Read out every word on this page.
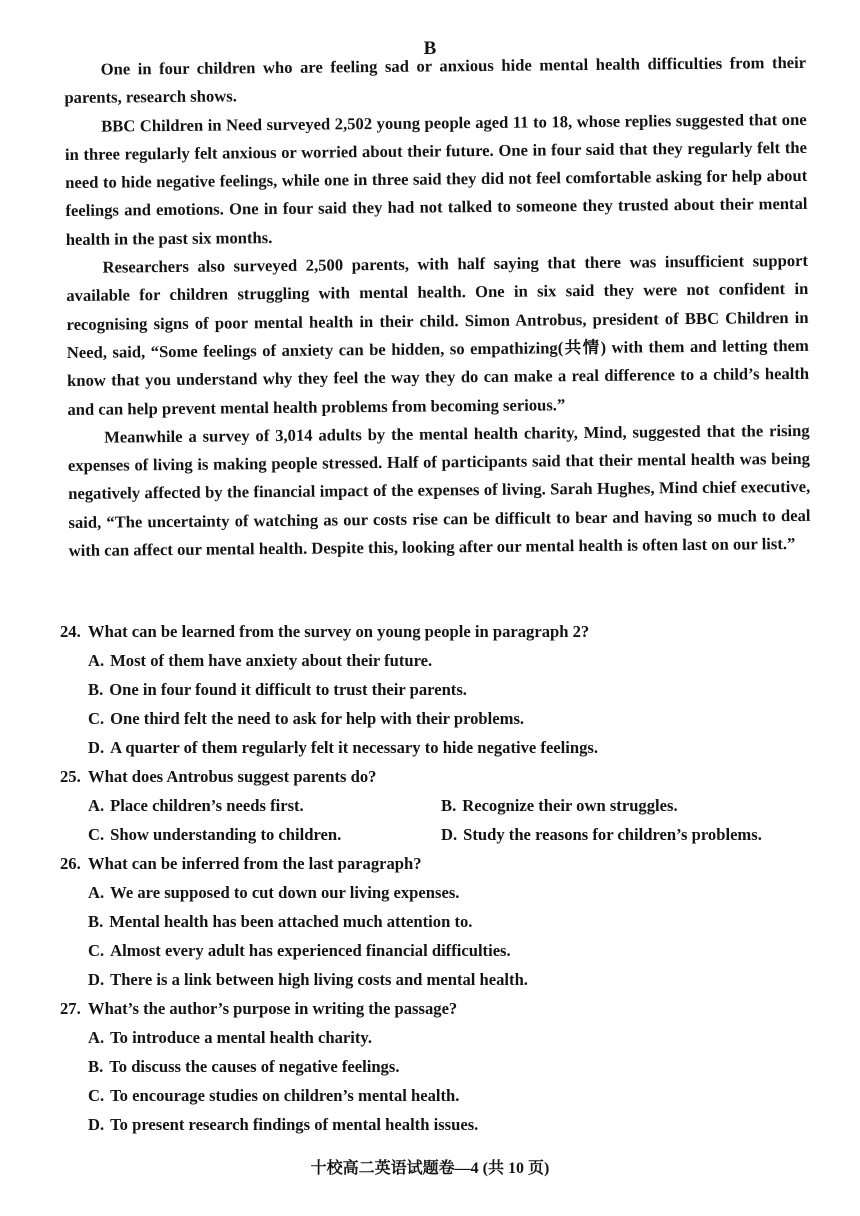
B

One in four children who are feeling sad or anxious hide mental health difficulties from their parents, research shows.

BBC Children in Need surveyed 2,502 young people aged 11 to 18, whose replies suggested that one in three regularly felt anxious or worried about their future. One in four said that they regularly felt the need to hide negative feelings, while one in three said they did not feel comfortable asking for help about feelings and emotions. One in four said they had not talked to someone they trusted about their mental health in the past six months.

Researchers also surveyed 2,500 parents, with half saying that there was insufficient support available for children struggling with mental health. One in six said they were not confident in recognising signs of poor mental health in their child. Simon Antrobus, president of BBC Children in Need, said, “Some feelings of anxiety can be hidden, so empathizing(共情) with them and letting them know that you understand why they feel the way they do can make a real difference to a child’s health and can help prevent mental health problems from becoming serious.”

Meanwhile a survey of 3,014 adults by the mental health charity, Mind, suggested that the rising expenses of living is making people stressed. Half of participants said that their mental health was being negatively affected by the financial impact of the expenses of living. Sarah Hughes, Mind chief executive, said, “The uncertainty of watching as our costs rise can be difficult to bear and having so much to deal with can affect our mental health. Despite this, looking after our mental health is often last on our list.”

24. What can be learned from the survey on young people in paragraph 2?
A. Most of them have anxiety about their future.
B. One in four found it difficult to trust their parents.
C. One third felt the need to ask for help with their problems.
D. A quarter of them regularly felt it necessary to hide negative feelings.
25. What does Antrobus suggest parents do?
A. Place children’s needs first.	B. Recognize their own struggles.
C. Show understanding to children.	D. Study the reasons for children’s problems.
26. What can be inferred from the last paragraph?
A. We are supposed to cut down our living expenses.
B. Mental health has been attached much attention to.
C. Almost every adult has experienced financial difficulties.
D. There is a link between high living costs and mental health.
27. What’s the author’s purpose in writing the passage?
A. To introduce a mental health charity.
B. To discuss the causes of negative feelings.
C. To encourage studies on children’s mental health.
D. To present research findings of mental health issues.
十校高二英语试题卷—4 (共 10 页)
